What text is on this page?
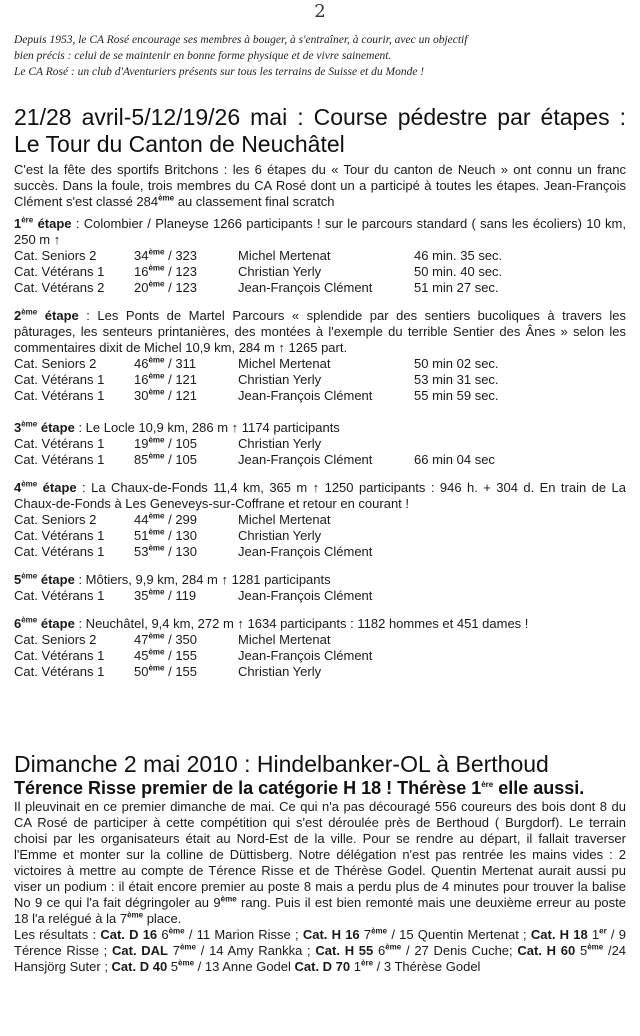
2
Depuis 1953, le CA Rosé encourage ses membres à bouger, à s'entraîner, à courir, avec un objectif
bien précis : celui de se maintenir en bonne forme physique et de vivre sainement.
Le CA Rosé : un club d'Aventuriers présents sur tous les terrains de Suisse et du Monde !
21/28 avril-5/12/19/26 mai : Course pédestre par étapes : Le Tour du Canton de Neuchâtel
C'est la fête des sportifs Britchons : les 6 étapes du « Tour du canton de Neuch » ont connu un franc succès. Dans la foule, trois membres du CA Rosé dont un a participé à toutes les étapes. Jean-François Clément s'est classé 284ème au classement final scratch
1ère étape : Colombier / Planeyse 1266 participants ! sur le parcours standard ( sans les écoliers) 10 km, 250 m ↑
Cat. Seniors 2	34ème / 323	Michel Mertenat	46 min. 35 sec.
Cat. Vétérans 1	16ème / 123	Christian Yerly	50 min. 40 sec.
Cat. Vétérans 2	20ème / 123	Jean-François Clément	51 min 27 sec.
2ème étape : Les Ponts de Martel Parcours « splendide par des sentiers bucoliques à travers les pâturages, les senteurs printanières, des montées à l'exemple du terrible Sentier des Ânes » selon les commentaires dixit de Michel 10,9 km, 284 m ↑ 1265 part.
Cat. Seniors 2	46ème / 311	Michel Mertenat	50 min 02 sec.
Cat. Vétérans 1	16ème / 121	Christian Yerly	53 min 31 sec.
Cat. Vétérans 1	30ème / 121	Jean-François Clément	55 min 59 sec.
3ème étape : Le Locle 10,9 km, 286 m ↑ 1174 participants
Cat. Vétérans 1	19ème / 105	Christian Yerly
Cat. Vétérans 1	85ème / 105	Jean-François Clément	66 min 04 sec
4ème étape : La Chaux-de-Fonds 11,4 km, 365 m ↑ 1250 participants : 946 h. + 304 d. En train de La Chaux-de-Fonds à Les Geneveys-sur-Coffrane et retour en courant !
Cat. Seniors 2	44ème / 299	Michel Mertenat
Cat. Vétérans 1	51ème / 130	Christian Yerly
Cat. Vétérans 1	53ème / 130	Jean-François Clément
5ème étape : Môtiers, 9,9 km, 284 m ↑ 1281 participants
Cat. Vétérans 1	35ème / 119	Jean-François Clément
6ème étape : Neuchâtel, 9,4 km, 272 m ↑ 1634 participants : 1182 hommes et 451 dames !
Cat. Seniors 2	47ème / 350	Michel Mertenat
Cat. Vétérans 1	45ème / 155	Jean-François Clément
Cat. Vétérans 1	50ème / 155	Christian Yerly
Dimanche 2 mai 2010 : Hindelbanker-OL à Berthoud
Térence Risse premier de la catégorie H 18 ! Thérèse 1ère elle aussi.
Il pleuvinait en ce premier dimanche de mai. Ce qui n'a pas découragé 556 coureurs des bois dont 8 du CA Rosé de participer à cette compétition qui s'est déroulée près de Berthoud ( Burgdorf). Le terrain choisi par les organisateurs était au Nord-Est de la ville. Pour se rendre au départ, il fallait traverser l'Emme et monter sur la colline de Düttisberg. Notre délégation n'est pas rentrée les mains vides : 2 victoires à mettre au compte de Térence Risse et de Thérèse Godel. Quentin Mertenat aurait aussi pu viser un podium : il était encore premier au poste 8 mais a perdu plus de 4 minutes pour trouver la balise No 9 ce qui l'a fait dégringoler au 9ème rang. Puis il est bien remonté mais une deuxième erreur au poste 18 l'a relégué à la 7ème place.
Les résultats : Cat. D 16 6ème / 11 Marion Risse ; Cat. H 16 7ème / 15 Quentin Mertenat ; Cat. H 18 1er / 9 Térence Risse ; Cat. DAL 7ème / 14 Amy Rankka ; Cat. H 55 6ème / 27 Denis Cuche; Cat. H 60 5ème /24 Hansjörg Suter ; Cat. D 40 5ème / 13 Anne Godel Cat. D 70 1ère / 3 Thérèse Godel
